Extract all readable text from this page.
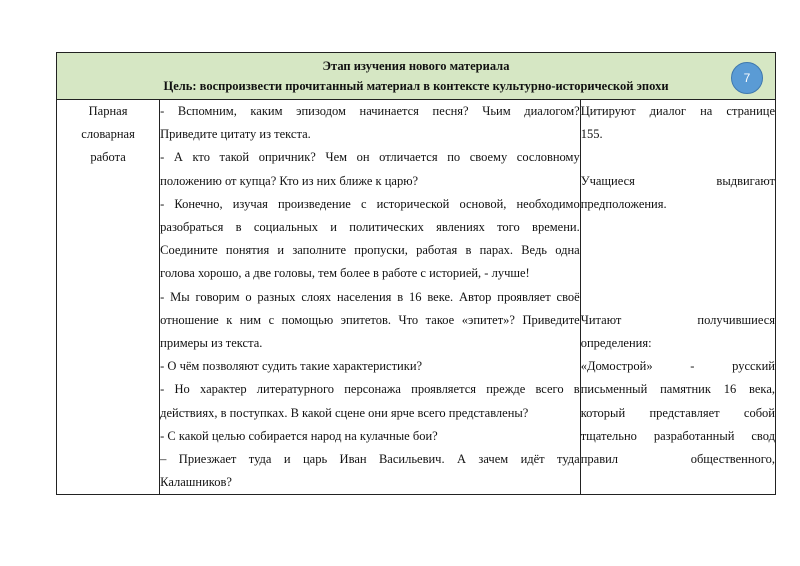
Этап изучения нового материала
Цель: воспроизвести прочитанный материал в контексте культурно-исторической эпохи
7

Парная
словарная
работа

- Вспомним, каким эпизодом начинается песня? Чьим диалогом?
Приведите цитату из текста.
- А кто такой опричник? Чем он отличается по своему сословному
положению от купца? Кто из них ближе к царю?
- Конечно, изучая произведение с исторической основой, необходимо
разобраться в социальных и политических явлениях того времени.
Соедините понятия и заполните пропуски, работая в парах. Ведь одна
голова хорошо, а две головы, тем более в работе с историей, - лучше!
- Мы говорим о разных слоях населения в 16 веке. Автор проявляет своё
отношение к ним с помощью эпитетов. Что такое «эпитет»? Приведите
примеры из текста.
- О чём позволяют судить такие характеристики?
- Но характер литературного персонажа проявляется прежде всего в
действиях, в поступках. В какой сцене они ярче всего представлены?
- С какой целью собирается народ на кулачные бои?
– Приезжает туда и царь Иван Васильевич. А зачем идёт туда
Калашников?

Цитируют диалог на странице
155.
Учащиеся выдвигают
предположения.
Читают получившиеся
определения:
«Домострой» - русский
письменный памятник 16 века,
который представляет собой
тщательно разработанный свод
правил общественного,
